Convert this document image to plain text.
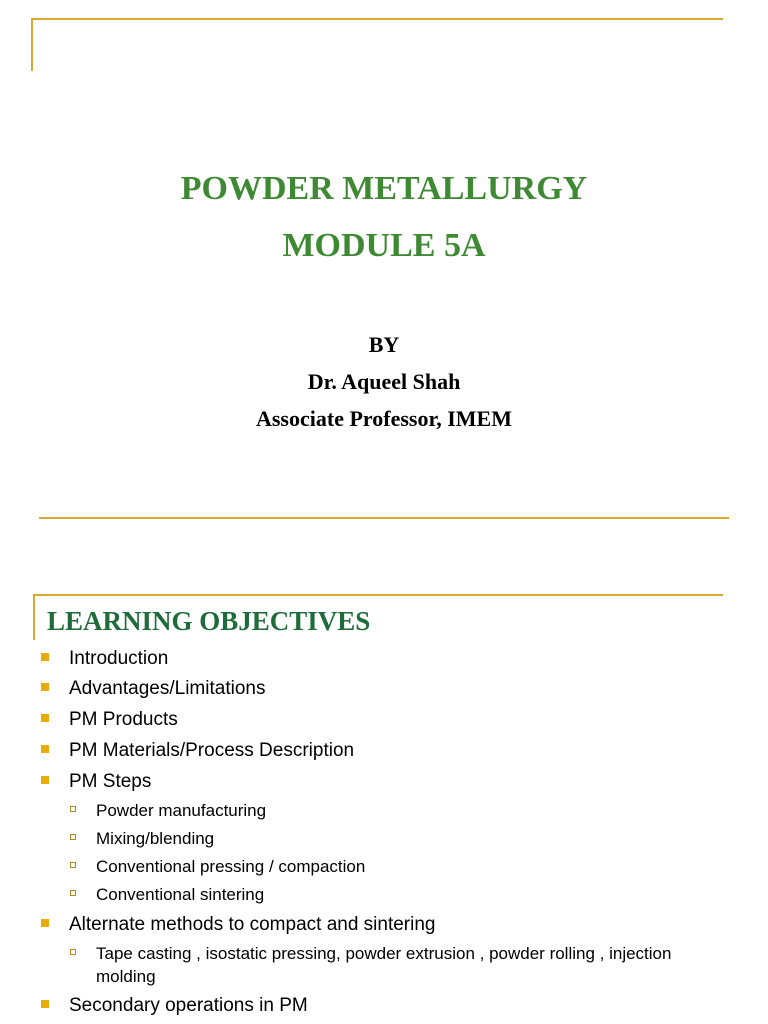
POWDER METALLURGY
MODULE 5A
BY
Dr. Aqueel Shah
Associate Professor, IMEM
LEARNING OBJECTIVES
Introduction
Advantages/Limitations
PM Products
PM Materials/Process Description
PM Steps
Powder manufacturing
Mixing/blending
Conventional pressing / compaction
Conventional sintering
Alternate methods to compact and sintering
Tape casting , isostatic pressing, powder extrusion , powder rolling , injection molding
Secondary operations in PM
